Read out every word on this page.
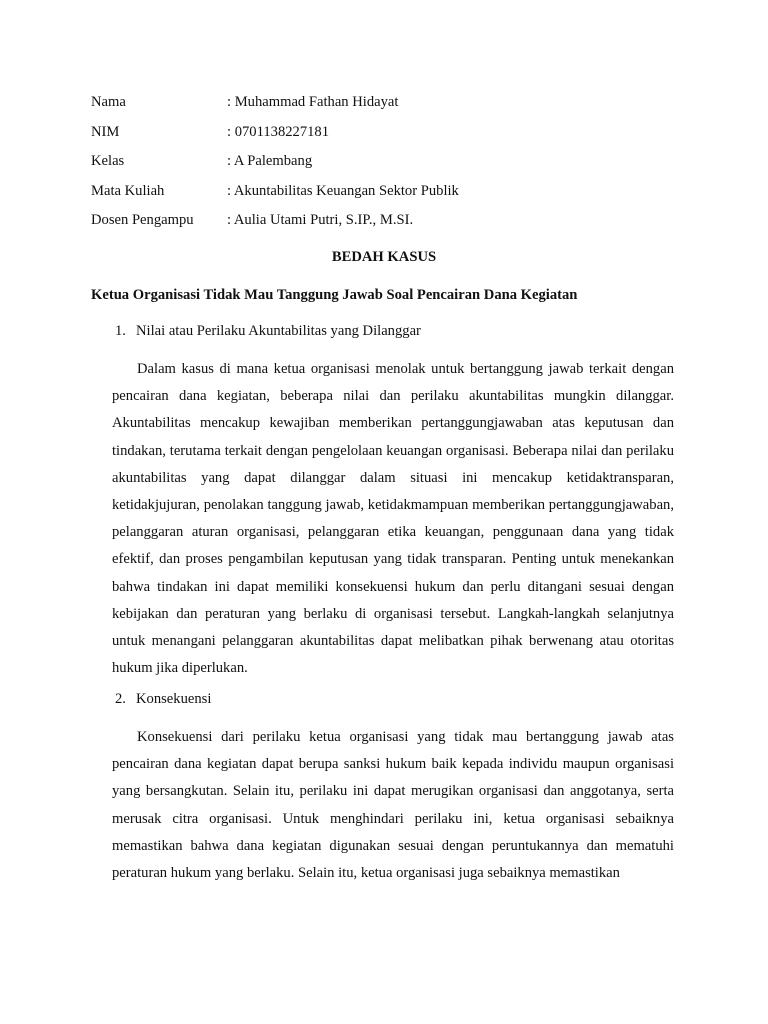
Nama	: Muhammad Fathan Hidayat
NIM	: 0701138227181
Kelas	: A Palembang
Mata Kuliah	: Akuntabilitas Keuangan Sektor Publik
Dosen Pengampu	: Aulia Utami Putri, S.IP., M.SI.
BEDAH KASUS
Ketua Organisasi Tidak Mau Tanggung Jawab Soal Pencairan Dana Kegiatan
1. Nilai atau Perilaku Akuntabilitas yang Dilanggar

Dalam kasus di mana ketua organisasi menolak untuk bertanggung jawab terkait dengan pencairan dana kegiatan, beberapa nilai dan perilaku akuntabilitas mungkin dilanggar. Akuntabilitas mencakup kewajiban memberikan pertanggungjawaban atas keputusan dan tindakan, terutama terkait dengan pengelolaan keuangan organisasi. Beberapa nilai dan perilaku akuntabilitas yang dapat dilanggar dalam situasi ini mencakup ketidaktransparan, ketidakjujuran, penolakan tanggung jawab, ketidakmampuan memberikan pertanggungjawaban, pelanggaran aturan organisasi, pelanggaran etika keuangan, penggunaan dana yang tidak efektif, dan proses pengambilan keputusan yang tidak transparan. Penting untuk menekankan bahwa tindakan ini dapat memiliki konsekuensi hukum dan perlu ditangani sesuai dengan kebijakan dan peraturan yang berlaku di organisasi tersebut. Langkah-langkah selanjutnya untuk menangani pelanggaran akuntabilitas dapat melibatkan pihak berwenang atau otoritas hukum jika diperlukan.

2. Konsekuensi

Konsekuensi dari perilaku ketua organisasi yang tidak mau bertanggung jawab atas pencairan dana kegiatan dapat berupa sanksi hukum baik kepada individu maupun organisasi yang bersangkutan. Selain itu, perilaku ini dapat merugikan organisasi dan anggotanya, serta merusak citra organisasi. Untuk menghindari perilaku ini, ketua organisasi sebaiknya memastikan bahwa dana kegiatan digunakan sesuai dengan peruntukannya dan mematuhi peraturan hukum yang berlaku. Selain itu, ketua organisasi juga sebaiknya memastikan
